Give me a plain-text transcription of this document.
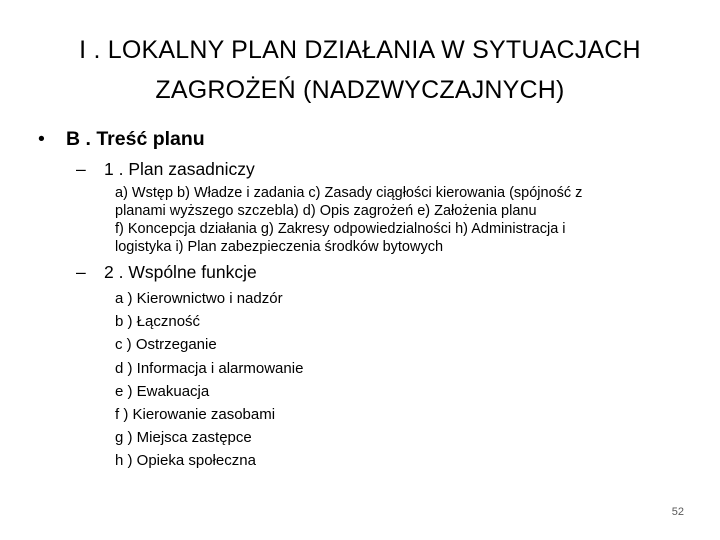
I . LOKALNY PLAN DZIAŁANIA W SYTUACJACH
ZAGROŻEŃ (NADZWYCZAJNYCH)
• B . Treść planu
– 1 . Plan zasadniczy
a) Wstęp b) Władze i zadania c) Zasady ciągłości kierowania (spójność z
planami wyższego szczebla) d) Opis zagrożeń e) Założenia planu
f) Koncepcja działania g) Zakresy odpowiedzialności h) Administracja i
logistyka i) Plan zabezpieczenia środków bytowych
– 2 . Wspólne funkcje
a ) Kierownictwo i nadzór
b ) Łączność
c ) Ostrzeganie
d ) Informacja i alarmowanie
e ) Ewakuacja
f ) Kierowanie zasobami
g ) Miejsca zastępce
h ) Opieka społeczna
52
